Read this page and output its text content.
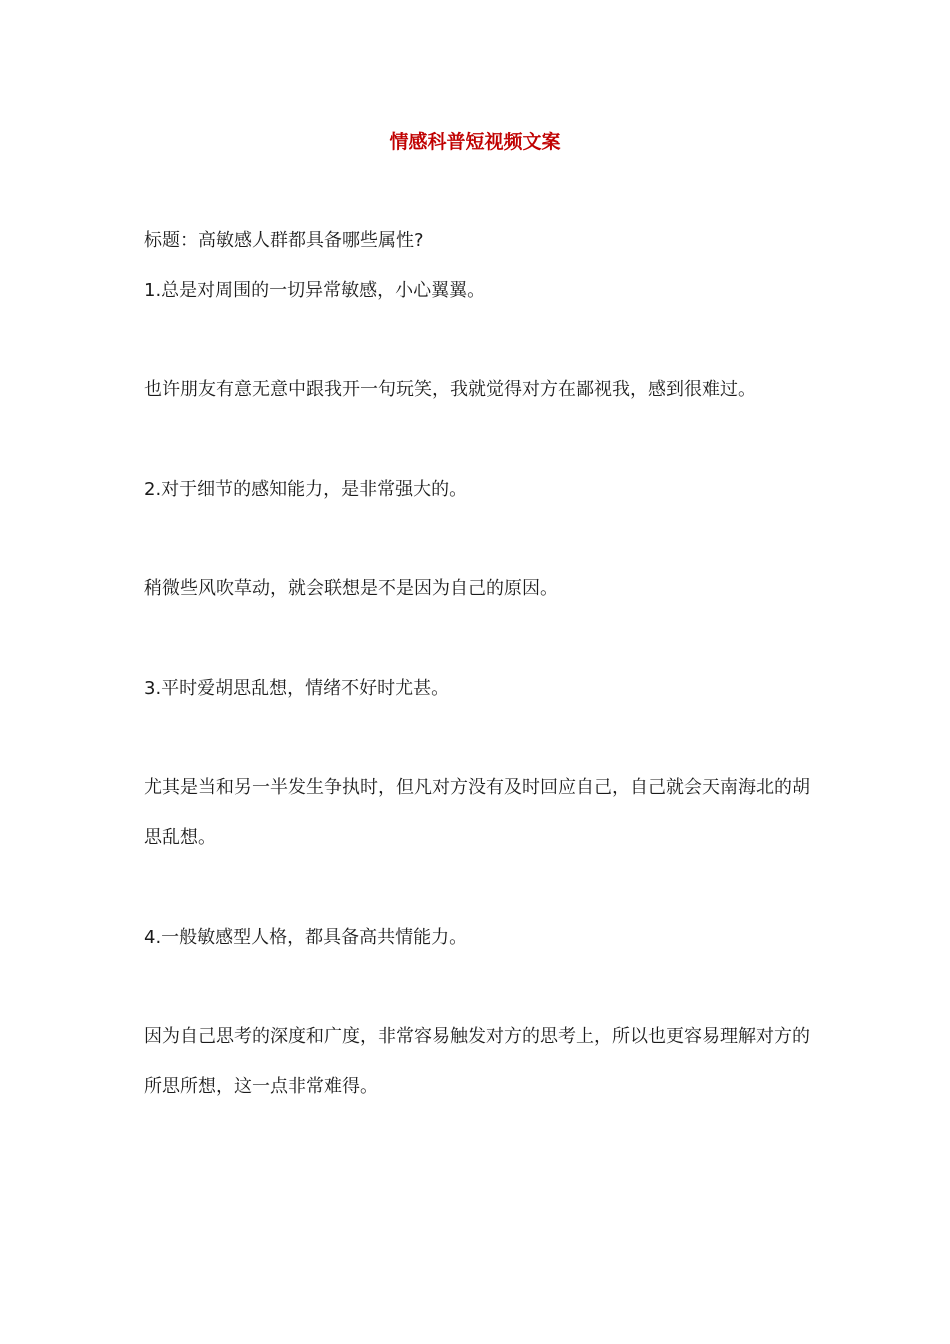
情感科普短视频文案

标题：高敏感人群都具备哪些属性?

1.总是对周围的一切异常敏感，小心翼翼。

也许朋友有意无意中跟我开一句玩笑，我就觉得对方在鄙视我，感到很难过。

2.对于细节的感知能力，是非常强大的。

稍微些风吹草动，就会联想是不是因为自己的原因。

3.平时爱胡思乱想，情绪不好时尤甚。

尤其是当和另一半发生争执时，但凡对方没有及时回应自己，自己就会天南海北的胡思乱想。

4.一般敏感型人格，都具备高共情能力。

因为自己思考的深度和广度，非常容易触发对方的思考上，所以也更容易理解对方的所思所想，这一点非常难得。
